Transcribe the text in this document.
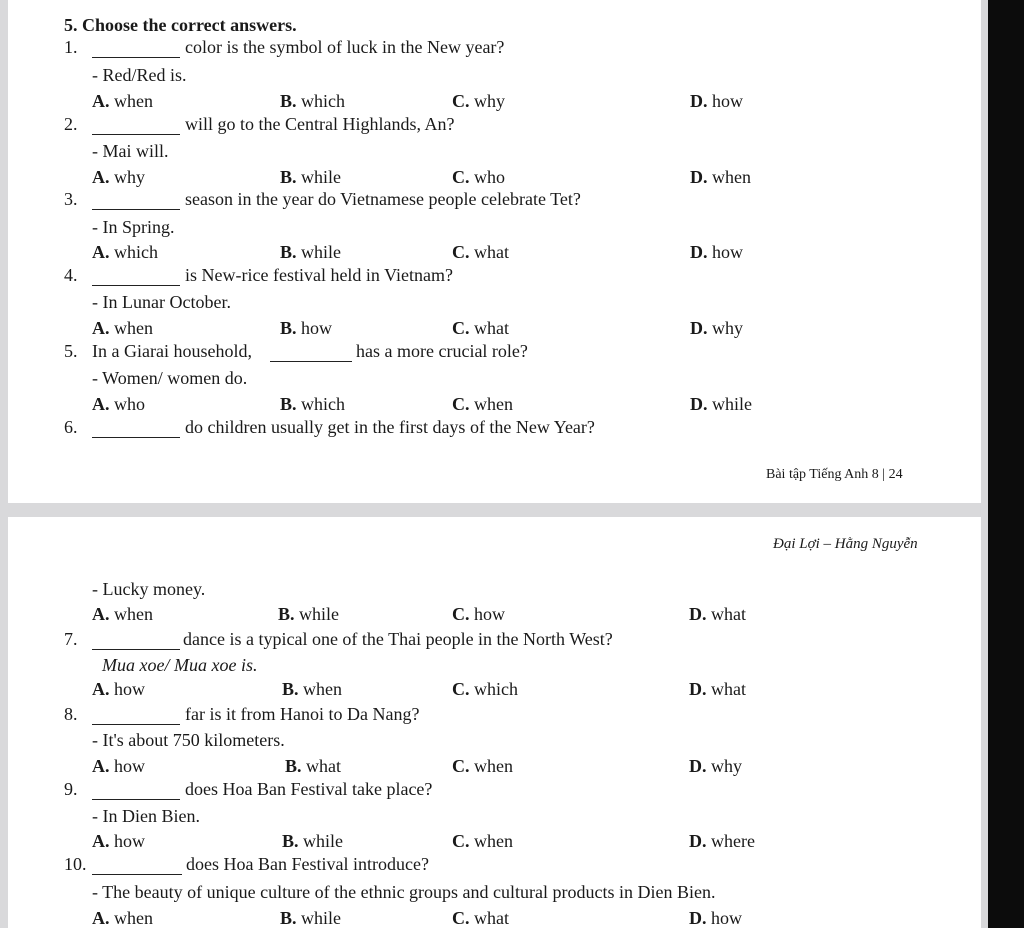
5. Choose the correct answers.
1.	color is the symbol of luck in the New year?
- Red/Red is.
A. when	B. which	C. why	D. how
2.	will go to the Central Highlands, An?
- Mai will.
A. why	B. while	C. who	D. when
3.	season in the year do Vietnamese people celebrate Tet?
- In Spring.
A. which	B. while	C. what	D. how
4.	is New-rice festival held in Vietnam?
- In Lunar October.
A. when	B. how	C. what	D. why
5. In a Giarai household,	has a more crucial role?
- Women/ women do.
A. who	B. which	C. when	D. while
6.	do children usually get in the first days of the New Year?
Bài tập Tiếng Anh 8 | 24
Đại Lợi – Hằng Nguyễn
- Lucky money.
A. when	B. while	C. how	D. what
7.	dance is a typical one of the Thai people in the North West?
Mua xoe/ Mua xoe is.
A. how	B. when	C. which	D. what
8.	far is it from Hanoi to Da Nang?
- It's about 750 kilometers.
A. how	B. what	C. when	D. why
9.	does Hoa Ban Festival take place?
- In Dien Bien.
A. how	B. while	C. when	D. where
10.	does Hoa Ban Festival introduce?
- The beauty of unique culture of the ethnic groups and cultural products in Dien Bien.
A. when	B. while	C. what	D. how
